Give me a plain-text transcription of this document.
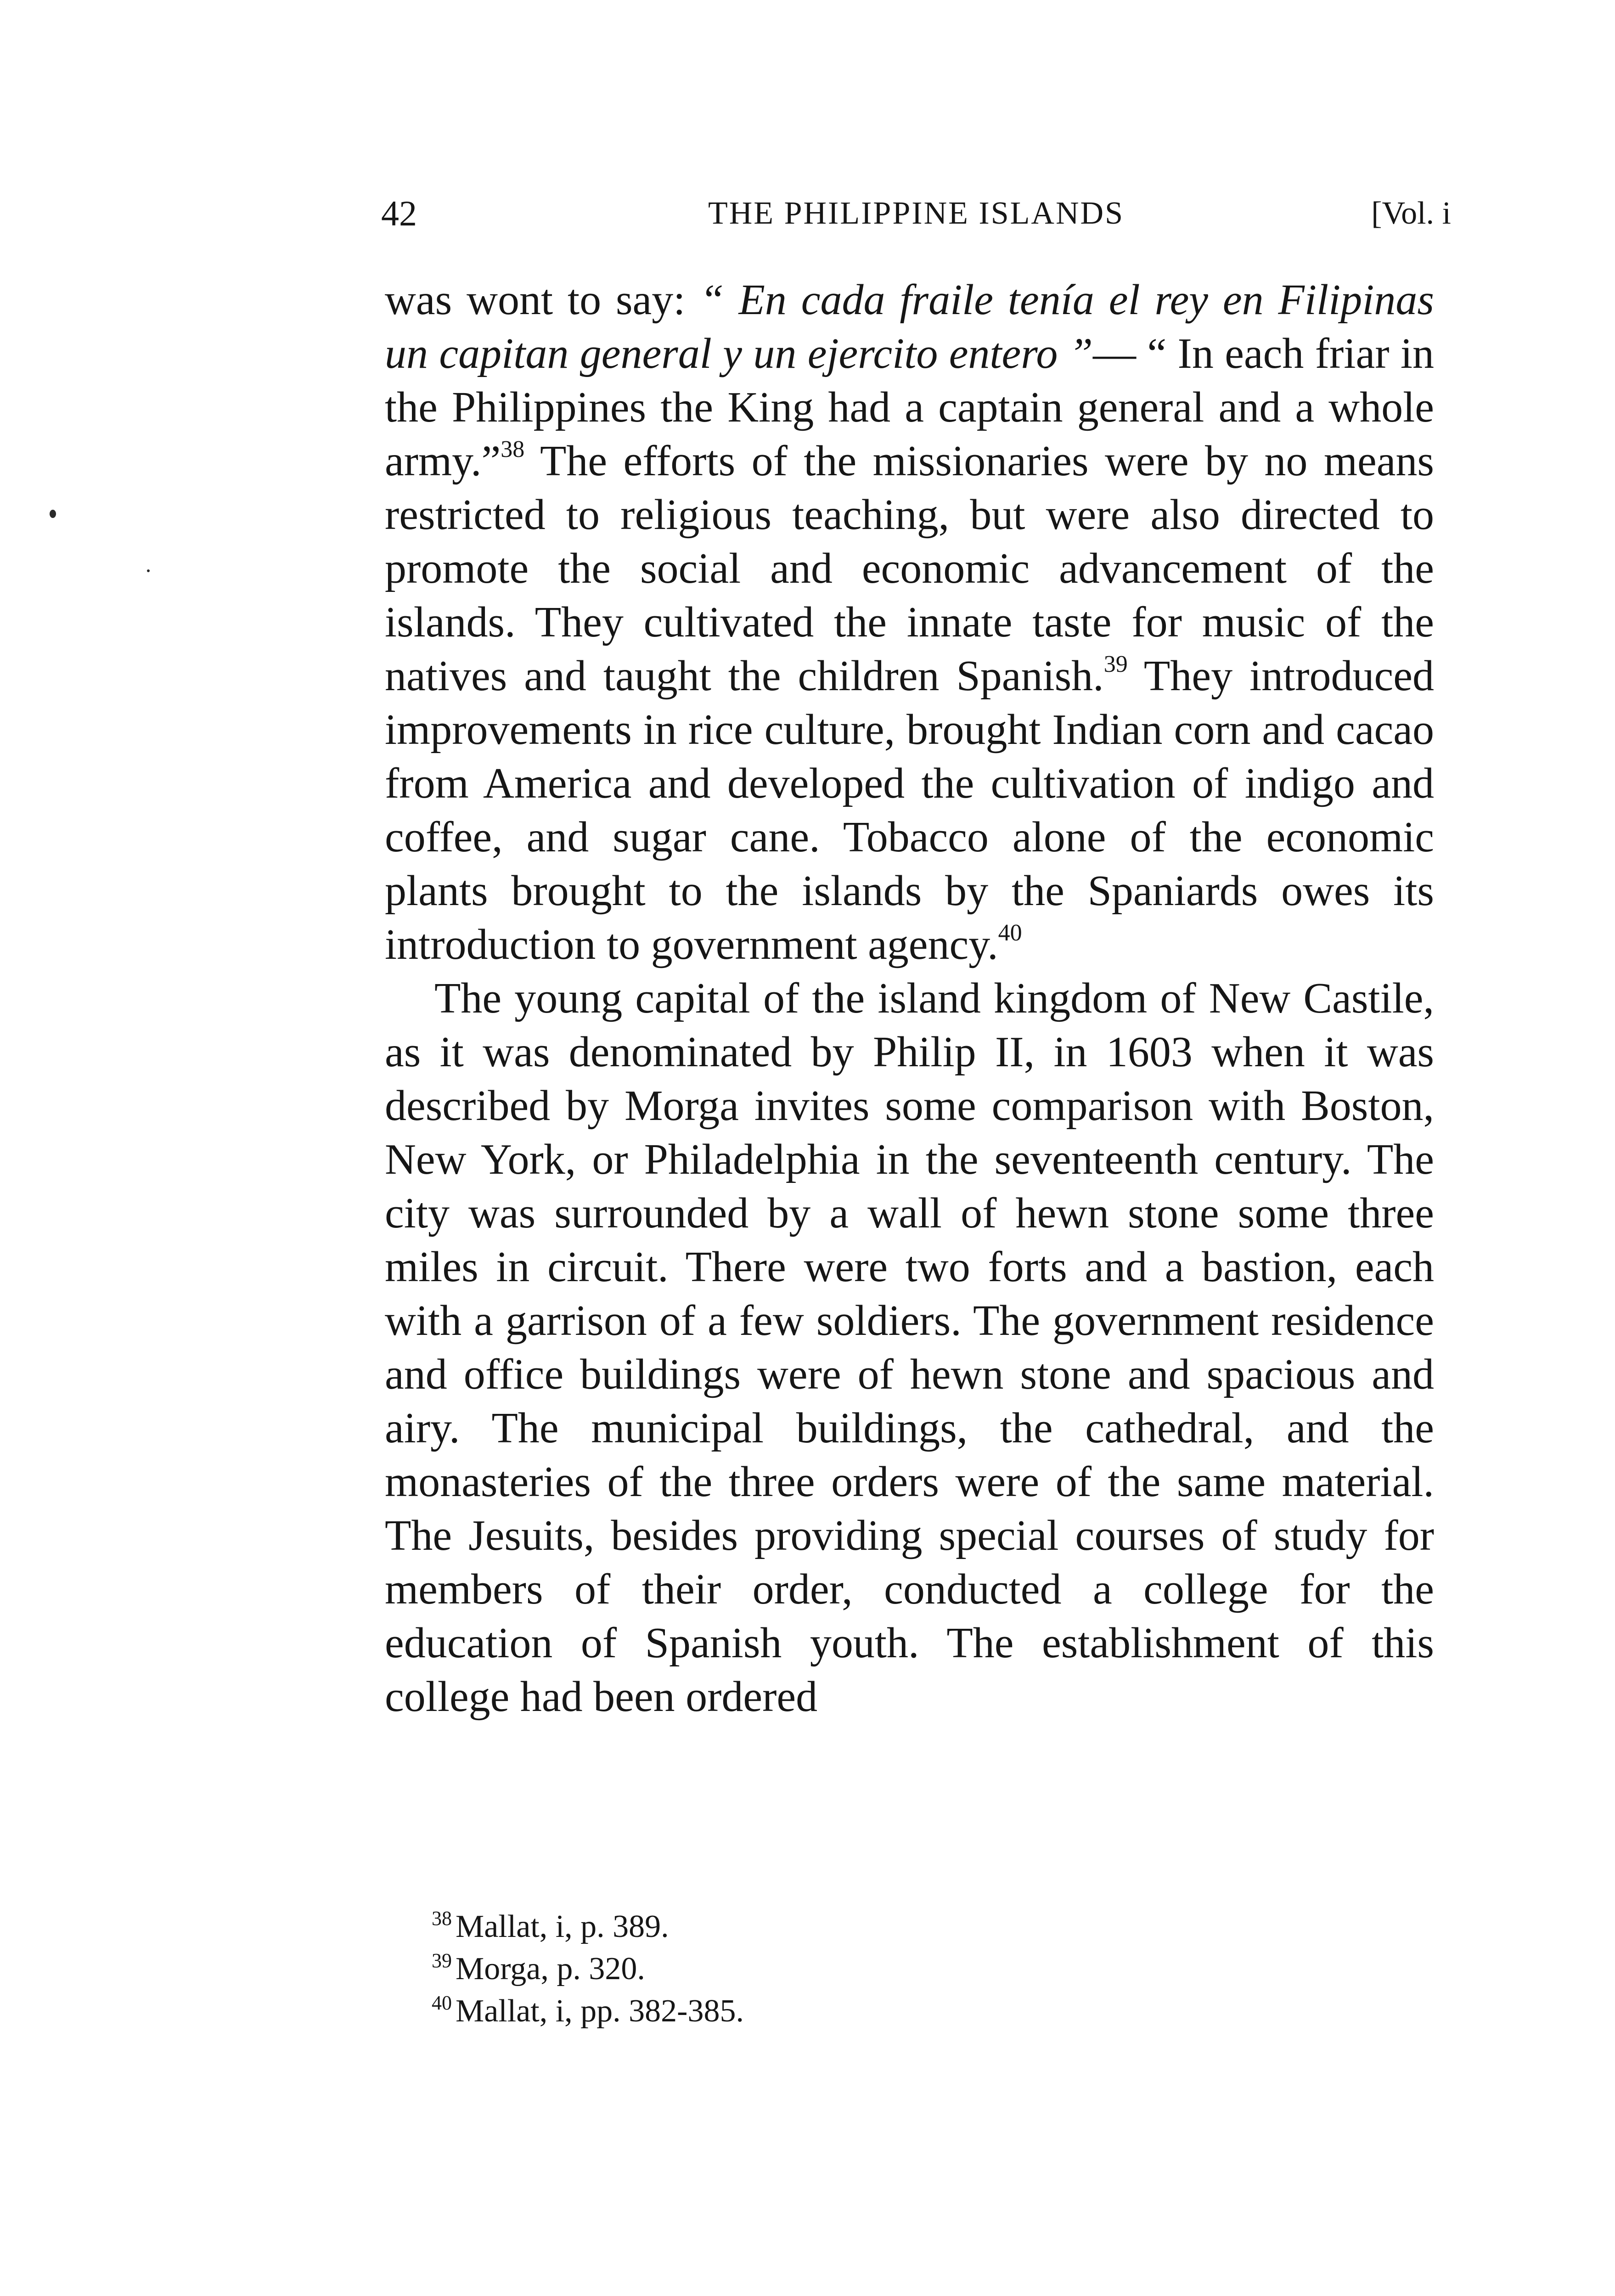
42	THE PHILIPPINE ISLANDS	[Vol. i

was wont to say: “ En cada fraile tenía el rey en Filipinas un capitan general y un ejercito entero ”— “ In each friar in the Philippines the King had a captain general and a whole army.”$^{38}$ The efforts of the missionaries were by no means restricted to religious teaching, but were also directed to promote the social and economic advancement of the islands. They cultivated the innate taste for music of the natives and taught the children Spanish.$^{39}$ They introduced improvements in rice culture, brought Indian corn and cacao from America and developed the cultivation of indigo and coffee, and sugar cane. Tobacco alone of the economic plants brought to the islands by the Spaniards owes its introduction to government agency.$^{40}$

The young capital of the island kingdom of New Castile, as it was denominated by Philip II, in 1603 when it was described by Morga invites some comparison with Boston, New York, or Philadelphia in the seventeenth century. The city was surrounded by a wall of hewn stone some three miles in circuit. There were two forts and a bastion, each with a garrison of a few soldiers. The government residence and office buildings were of hewn stone and spacious and airy. The municipal buildings, the cathedral, and the monasteries of the three orders were of the same material. The Jesuits, besides providing special courses of study for members of their order, conducted a college for the education of Spanish youth. The establishment of this college had been ordered

$^{38}$ Mallat, i, p. 389.

$^{39}$ Morga, p. 320.

$^{40}$ Mallat, i, pp. 382-385.
